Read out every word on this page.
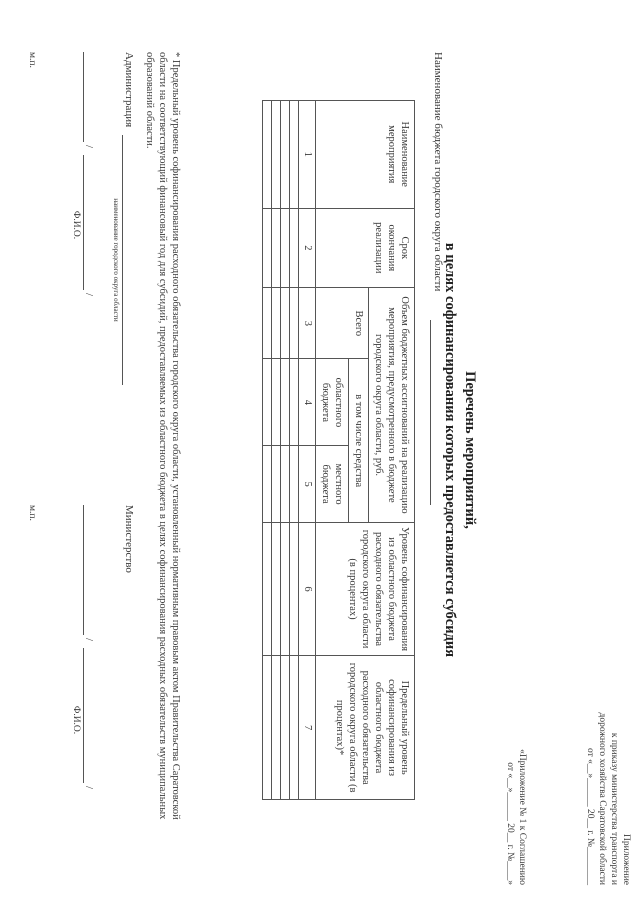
Приложение
к приказу министерства транспорта и
дорожного хозяйства Саратовской области
от «__»______ 20__ г. №________
«Приложение № 1 к Соглашению
от «__»______ 20__ г. №____»
Перечень мероприятий,
в целях софинансирования которых предоставляется субсидия
Наименование бюджета городского округа области
Наименование мероприятия	Срок окончания реализации	Объем бюджетных ассигнований на реализацию мероприятия, предусмотренного в бюджете городского округа области, руб.			Уровень софинансирования из областного бюджета расходного обязательства городского округа области (в процентах)	Предельный уровень софинансирования из областного бюджета расходного обязательства городского округа области (в процентах)*
		Всего	в том числе средства			
			областного бюджета	местного бюджета		
1	2	3	4	5	6	7

* Предельный уровень софинансирования расходного обязательства городского округа области, установленный нормативным правовым актом Правительства Саратовской области на соответствующий финансовый год для субсидий, предоставляемых из областного бюджета в целях софинансирования расходных обязательств муниципальных образований области.
Администрация
наименование городского округа области
/
Ф.И.О.
/
м.п.
Министерство
/
Ф.И.О.
/
м.п.
